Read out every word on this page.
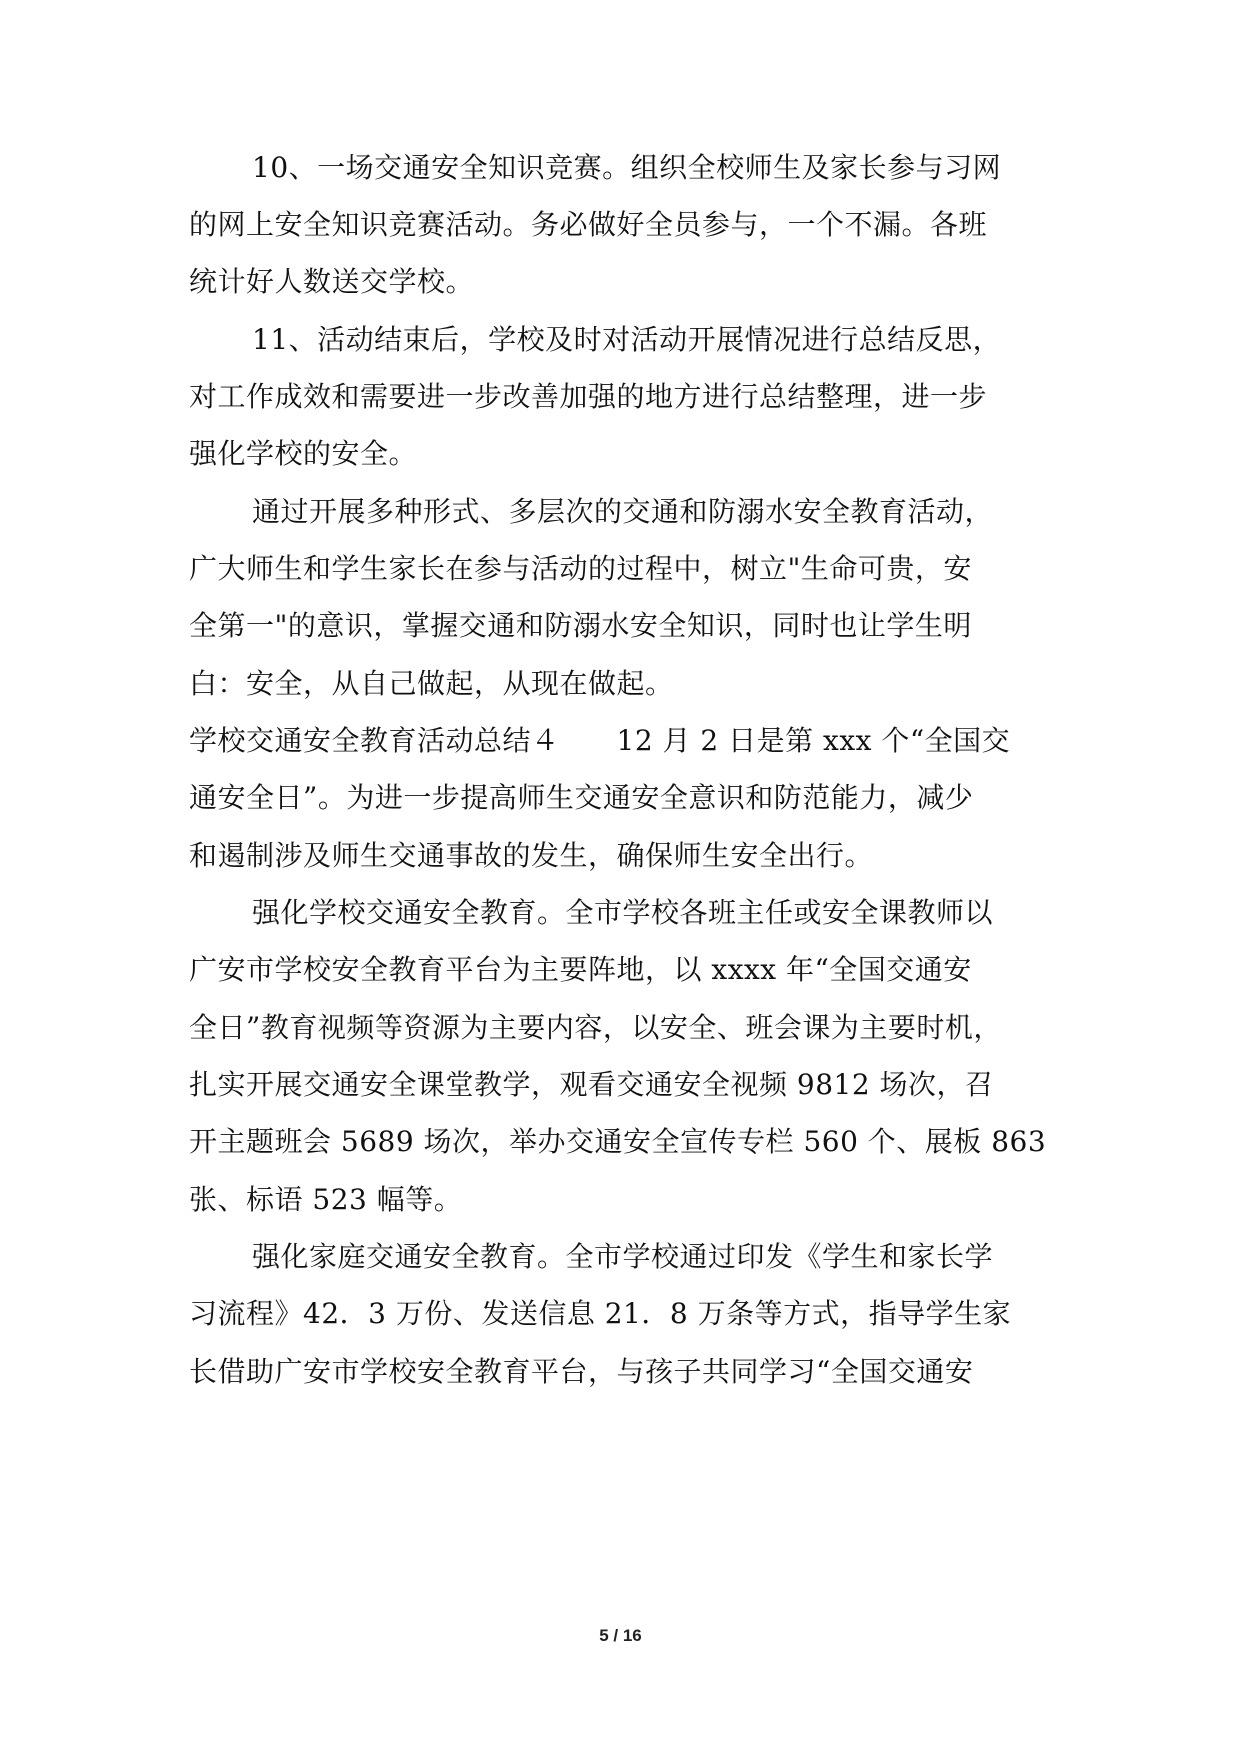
10、一场交通安全知识竞赛。组织全校师生及家长参与习网
的网上安全知识竞赛活动。务必做好全员参与，一个不漏。各班
统计好人数送交学校。
11、活动结束后，学校及时对活动开展情况进行总结反思，
对工作成效和需要进一步改善加强的地方进行总结整理，进一步
强化学校的安全。
通过开展多种形式、多层次的交通和防溺水安全教育活动，
广大师生和学生家长在参与活动的过程中，树立"生命可贵，安
全第一"的意识，掌握交通和防溺水安全知识，同时也让学生明
白：安全，从自己做起，从现在做起。
学校交通安全教育活动总结４　　12 月 2 日是第 xxx 个“全国交
通安全日”。为进一步提高师生交通安全意识和防范能力，减少
和遏制涉及师生交通事故的发生，确保师生安全出行。
强化学校交通安全教育。全市学校各班主任或安全课教师以
广安市学校安全教育平台为主要阵地，以 xxxx 年“全国交通安
全日”教育视频等资源为主要内容，以安全、班会课为主要时机，
扎实开展交通安全课堂教学，观看交通安全视频 9812 场次，召
开主题班会 5689 场次，举办交通安全宣传专栏 560 个、展板 863
张、标语 523 幅等。
强化家庭交通安全教育。全市学校通过印发《学生和家长学
习流程》42．3 万份、发送信息 21．8 万条等方式，指导学生家
长借助广安市学校安全教育平台，与孩子共同学习“全国交通安
5 / 16
